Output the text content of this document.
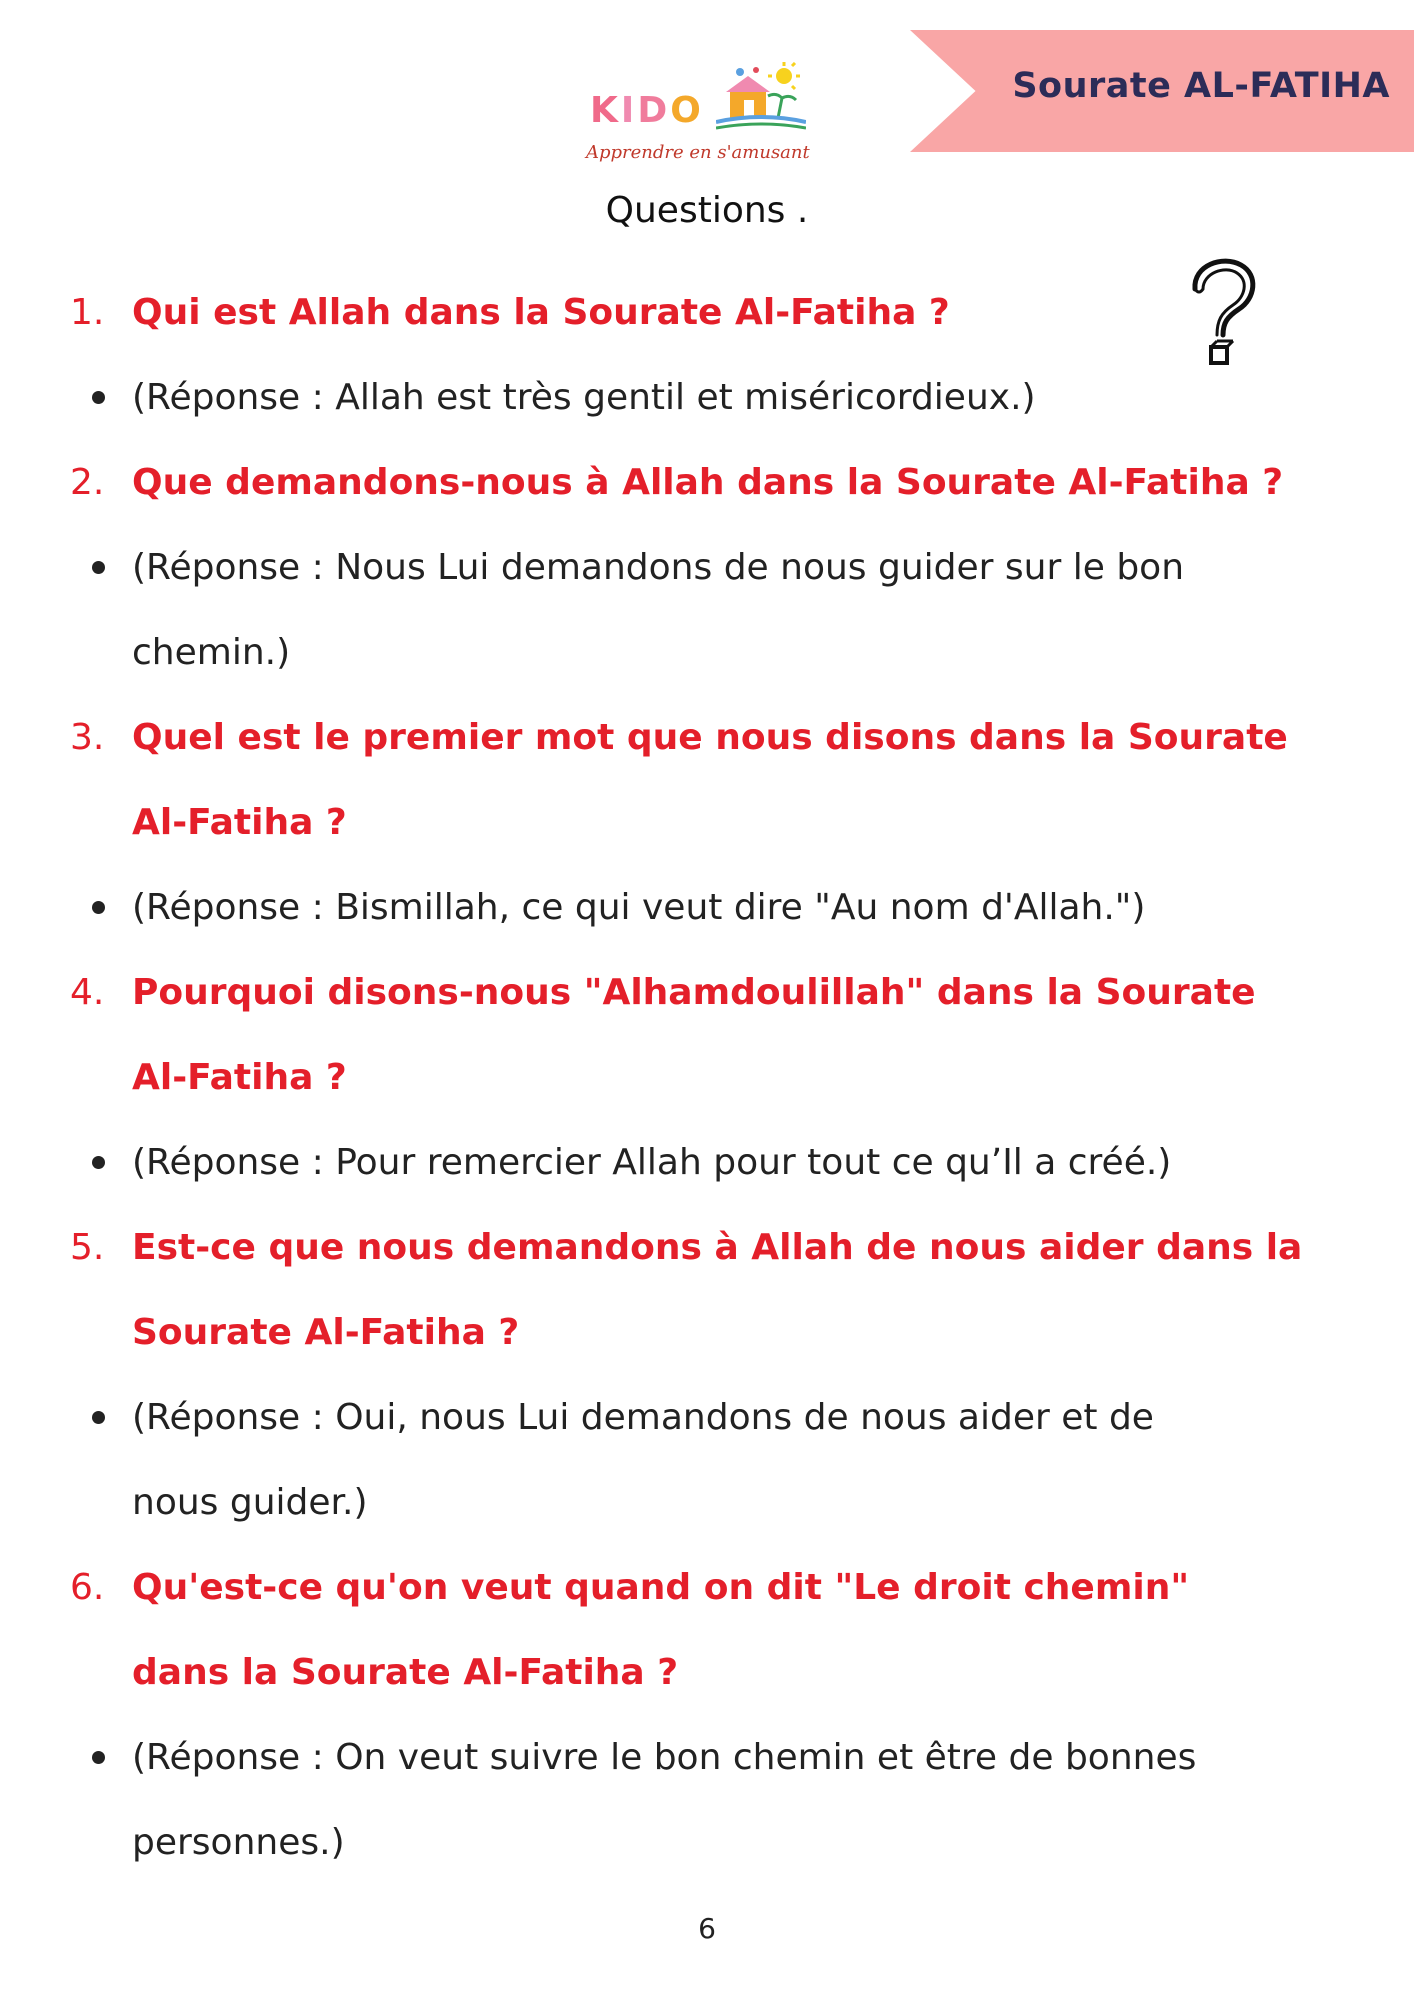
Sourate AL-FATIHA
K I D O
Apprendre en s'amusant
Questions .
1. Qui est Allah dans la Sourate Al-Fatiha ?
(Réponse : Allah est très gentil et miséricordieux.)
2. Que demandons-nous à Allah dans la Sourate Al-Fatiha ?
(Réponse : Nous Lui demandons de nous guider sur le bon
chemin.)
3. Quel est le premier mot que nous disons dans la Sourate
Al-Fatiha ?
(Réponse : Bismillah, ce qui veut dire "Au nom d'Allah.")
4. Pourquoi disons-nous "Alhamdoulillah" dans la Sourate
Al-Fatiha ?
(Réponse : Pour remercier Allah pour tout ce qu’Il a créé.)
5. Est-ce que nous demandons à Allah de nous aider dans la
Sourate Al-Fatiha ?
(Réponse : Oui, nous Lui demandons de nous aider et de
nous guider.)
6. Qu'est-ce qu'on veut quand on dit "Le droit chemin"
dans la Sourate Al-Fatiha ?
(Réponse : On veut suivre le bon chemin et être de bonnes
personnes.)
6
